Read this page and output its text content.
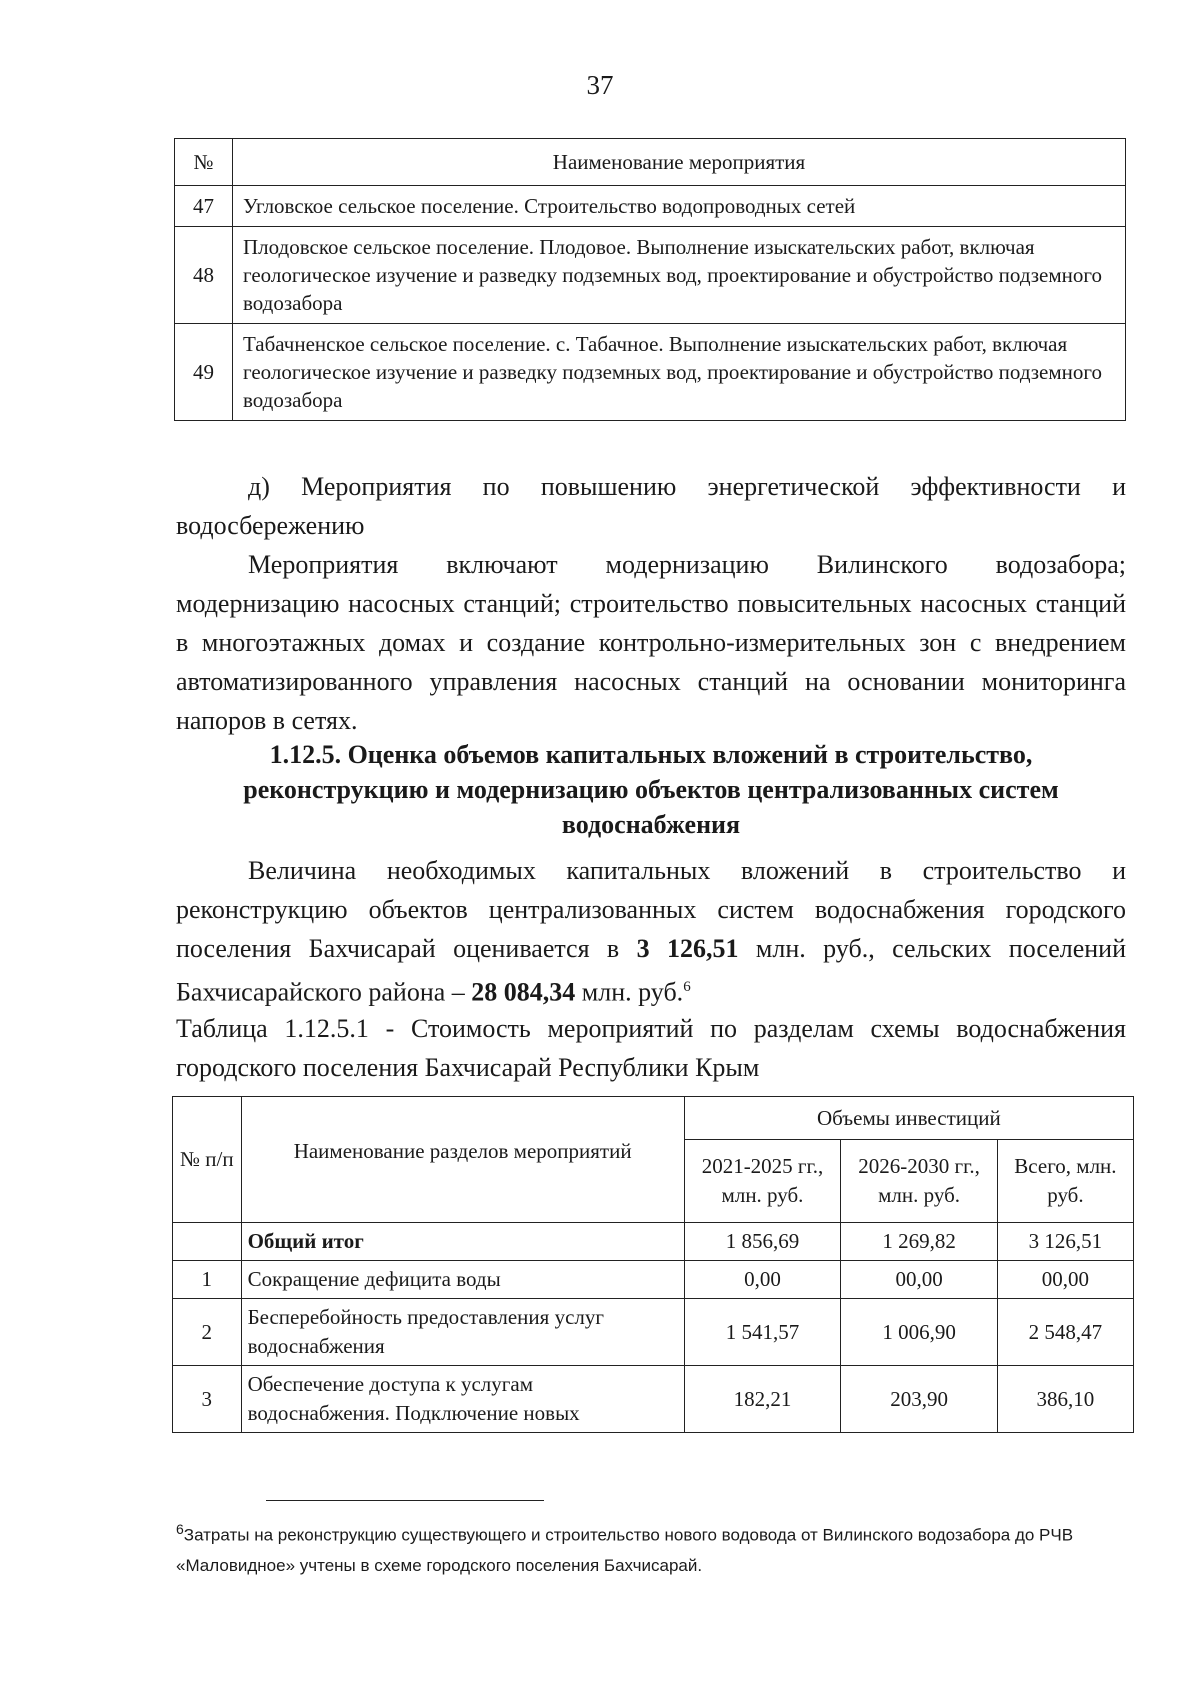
37
№	Наименование мероприятия
47	Угловское сельское поселение. Строительство водопроводных сетей
48	Плодовское сельское поселение. Плодовое. Выполнение изыскательских работ, включая геологическое изучение и разведку подземных вод, проектирование и обустройство подземного водозабора
49	Табачненское сельское поселение. с. Табачное. Выполнение изыскательских работ, включая геологическое изучение и разведку подземных вод, проектирование и обустройство подземного водозабора

д) Мероприятия по повышению энергетической эффективности и водосбережению

Мероприятия включают модернизацию Вилинского водозабора; модернизацию насосных станций; строительство повысительных насосных станций в многоэтажных домах и создание контрольно-измерительных зон с внедрением автоматизированного управления насосных станций на основании мониторинга напоров в сетях.

1.12.5. Оценка объемов капитальных вложений в строительство, реконструкцию и модернизацию объектов централизованных систем водоснабжения

Величина необходимых капитальных вложений в строительство и реконструкцию объектов централизованных систем водоснабжения городского поселения Бахчисарай оценивается в 3 126,51 млн. руб., сельских поселений Бахчисарайского района – 28 084,34 млн. руб.$^6$

Таблица 1.12.5.1 - Стоимость мероприятий по разделам схемы водоснабжения городского поселения Бахчисарай Республики Крым

№ п/п	Наименование разделов мероприятий	Объемы инвестиций		
		2021-2025 гг., млн. руб.	2026-2030 гг., млн. руб.	Всего, млн. руб.
	Общий итог	1 856,69	1 269,82	3 126,51
1	Сокращение дефицита воды	0,00	00,00	00,00
2	Бесперебойность предоставления услуг водоснабжения	1 541,57	1 006,90	2 548,47
3	Обеспечение доступа к услугам водоснабжения. Подключение новых	182,21	203,90	386,10

$^6$Затраты на реконструкцию существующего и строительство нового водовода от Вилинского водозабора до РЧВ «Маловидное» учтены в схеме городского поселения Бахчисарай.
